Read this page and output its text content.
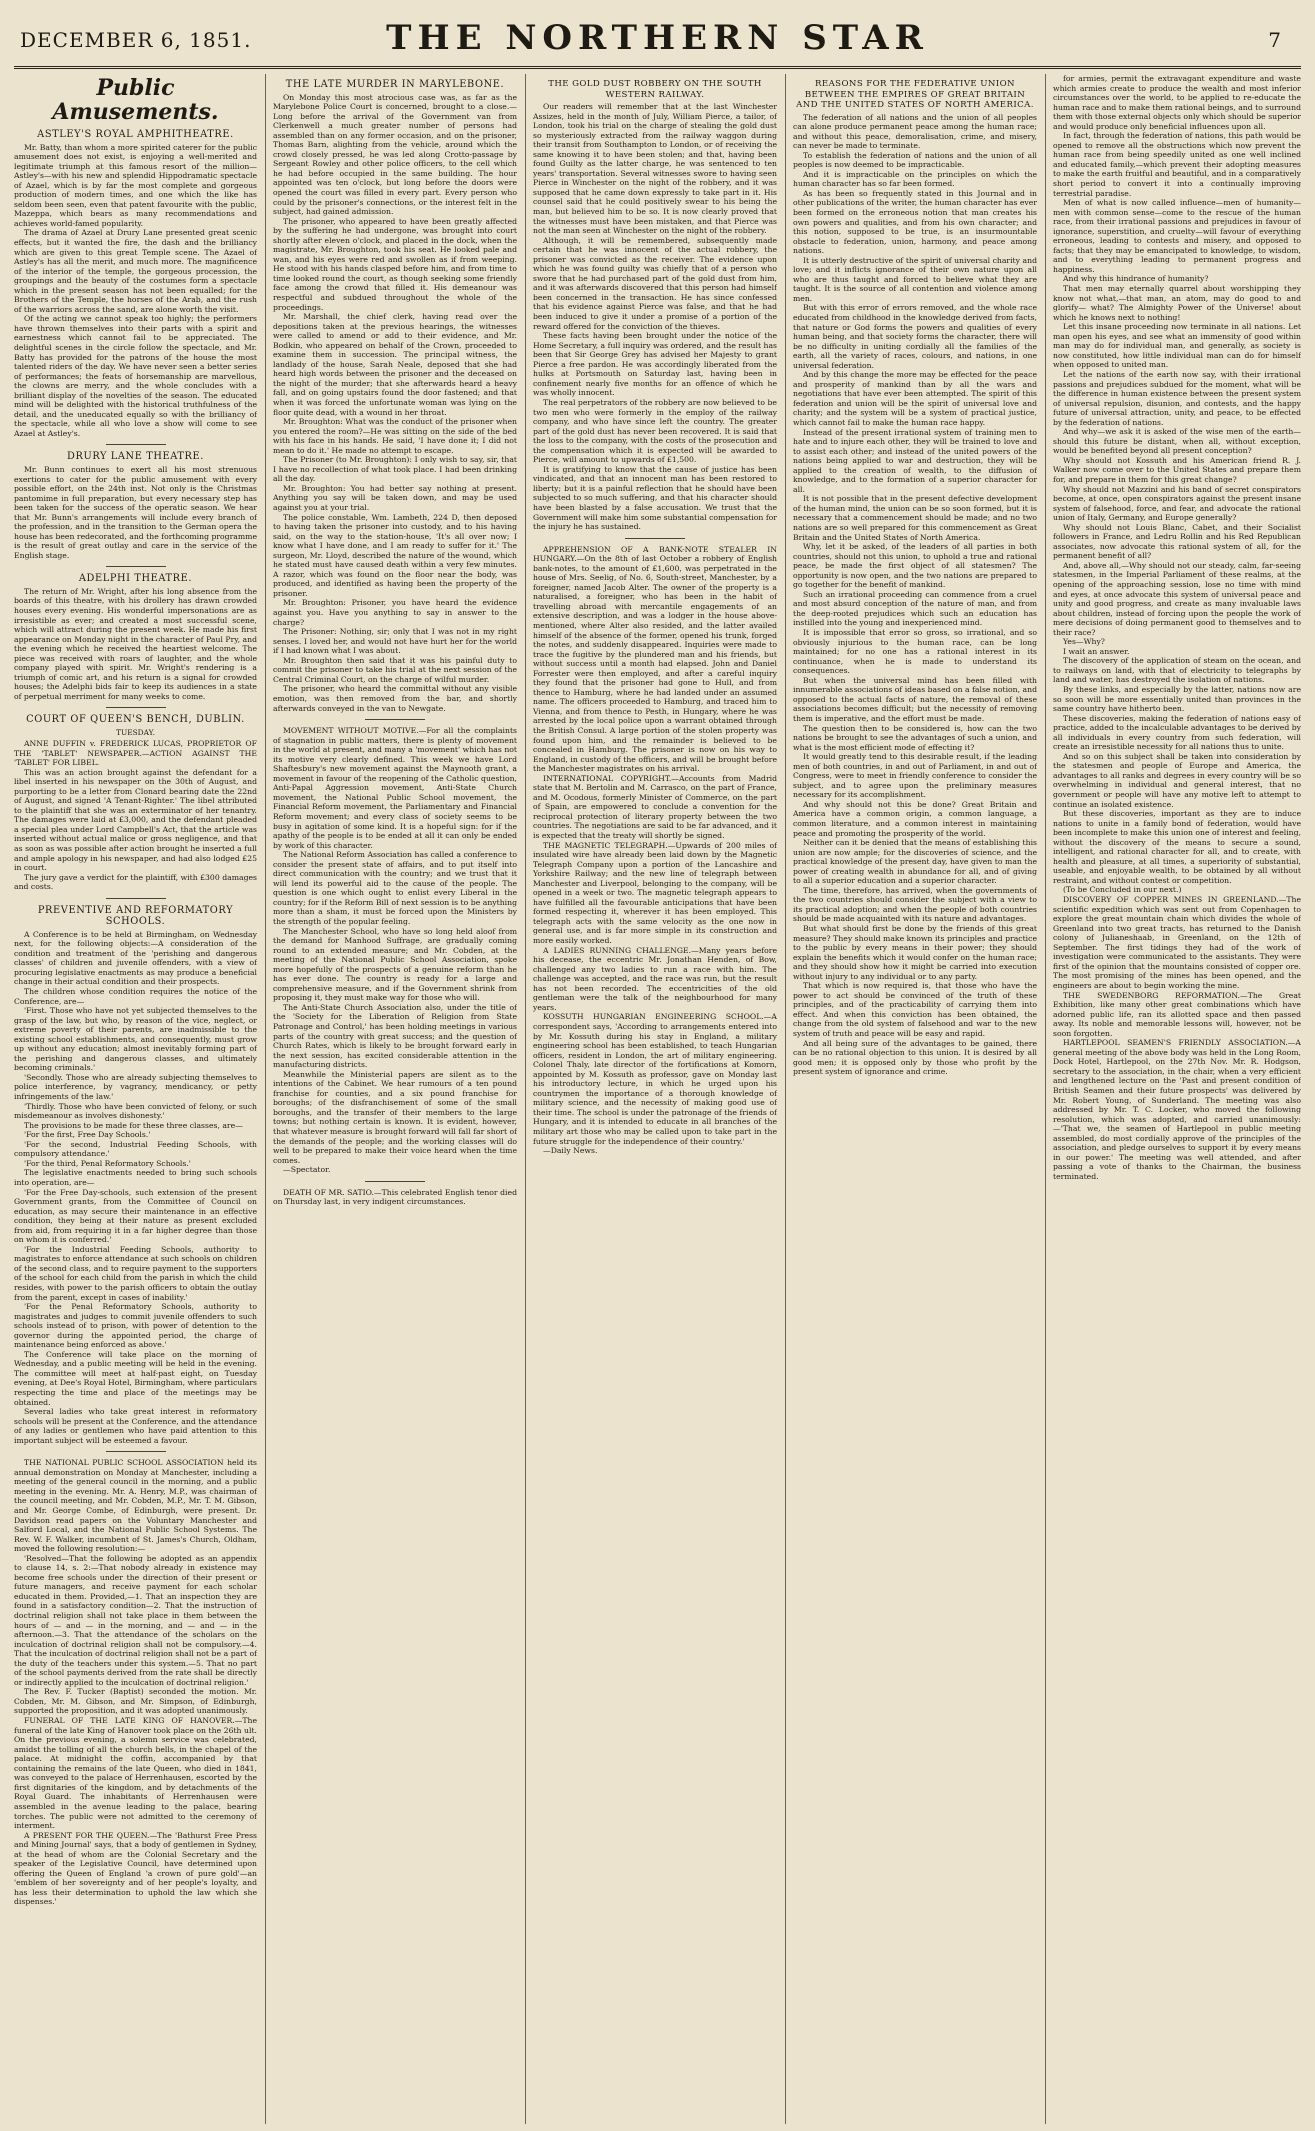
DECEMBER 6, 1851.	THE NORTHERN STAR	7
Public Amusements.
ASTLEY'S ROYAL AMPHITHEATRE.

Mr. Batty, than whom a more spirited caterer for the public amusement does not exist, is enjoying a well-merited and legitimate triumph at this famous resort of the million—Astley's—with his new and splendid Hippodramatic spectacle of Azael, which is by far the most complete and gorgeous production of modern times, and one which the like has seldom been seen, even that patent favourite with the public, Mazeppa, which bears as many recommendations and achieves world-famed popularity.

The drama of Azael at Drury Lane presented great scenic effects, but it wanted the fire, the dash and the brilliancy which are given to this great Temple scene. The Azael of Astley's has all the merit, and much more. The magnificence of the interior of the temple, the gorgeous procession, the groupings and the beauty of the costumes form a spectacle which in the present season has not been equalled; for the Brothers of the Temple, the horses of the Arab, and the rush of the warriors across the sand, are alone worth the visit.

Of the acting we cannot speak too highly; the performers have thrown themselves into their parts with a spirit and earnestness which cannot fail to be appreciated. The delightful scenes in the circle follow the spectacle, and Mr. Batty has provided for the patrons of the house the most talented riders of the day. We have never seen a better series of performances; the feats of horsemanship are marvellous, the clowns are merry, and the whole concludes with a brilliant display of the novelties of the season. The educated mind will be delighted with the historical truthfulness of the detail, and the uneducated equally so with the brilliancy of the spectacle, while all who love a show will come to see Azael at Astley's.

DRURY LANE THEATRE.

Mr. Bunn continues to exert all his most strenuous exertions to cater for the public amusement with every possible effort, on the 24th inst. Not only is the Christmas pantomime in full preparation, but every necessary step has been taken for the success of the operatic season. We hear that Mr. Bunn's arrangements will include every branch of the profession, and in the transition to the German opera the house has been redecorated, and the forthcoming programme is the result of great outlay and care in the service of the English stage.

ADELPHI THEATRE.

The return of Mr. Wright, after his long absence from the boards of this theatre, with his drollery has drawn crowded houses every evening. His wonderful impersonations are as irresistible as ever; and created a most successful scene, which will attract during the present week. He made his first appearance on Monday night in the character of Paul Pry, and the evening which he received the heartiest welcome. The piece was received with roars of laughter, and the whole company played with spirit. Mr. Wright's rendering is a triumph of comic art, and his return is a signal for crowded houses; the Adelphi bids fair to keep its audiences in a state of perpetual merriment for many weeks to come.

COURT OF QUEEN'S BENCH, DUBLIN.
TUESDAY.

ANNE DUFFIN v. FREDERICK LUCAS, PROPRIETOR OF THE 'TABLET' NEWSPAPER.—ACTION AGAINST THE 'TABLET' FOR LIBEL.

This was an action brought against the defendant for a libel inserted in his newspaper on the 30th of August, and purporting to be a letter from Clonard bearing date the 22nd of August, and signed 'A Tenant-Righter.' The libel attributed to the plaintiff that she was an exterminator of her tenantry. The damages were laid at £3,000, and the defendant pleaded a special plea under Lord Campbell's Act, that the article was inserted without actual malice or gross negligence, and that as soon as was possible after action brought he inserted a full and ample apology in his newspaper, and had also lodged £25 in court.

The jury gave a verdict for the plaintiff, with £300 damages and costs.

PREVENTIVE AND REFORMATORY SCHOOLS.

A Conference is to be held at Birmingham, on Wednesday next, for the following objects:—A consideration of the condition and treatment of the 'perishing and dangerous classes' of children and juvenile offenders, with a view of procuring legislative enactments as may produce a beneficial change in their actual condition and their prospects.

The children whose condition requires the notice of the Conference, are—

'First. Those who have not yet subjected themselves to the grasp of the law, but who, by reason of the vice, neglect, or extreme poverty of their parents, are inadmissible to the existing school establishments, and consequently, must grow up without any education; almost inevitably forming part of the perishing and dangerous classes, and ultimately becoming criminals.'

'Secondly. Those who are already subjecting themselves to police interference, by vagrancy, mendicancy, or petty infringements of the law.'

'Thirdly. Those who have been convicted of felony, or such misdemeanour as involves dishonesty.'

The provisions to be made for these three classes, are—

'For the first, Free Day Schools.'

'For the second, Industrial Feeding Schools, with compulsory attendance.'

'For the third, Penal Reformatory Schools.'

The legislative enactments needed to bring such schools into operation, are—

'For the Free Day-schools, such extension of the present Government grants, from the Committee of Council on education, as may secure their maintenance in an effective condition, they being at their nature as present excluded from aid, from requiring it in a far higher degree than those on whom it is conferred.'

'For the Industrial Feeding Schools, authority to magistrates to enforce attendance at such schools on children of the second class, and to require payment to the supporters of the school for each child from the parish in which the child resides, with power to the parish officers to obtain the outlay from the parent, except in cases of inability.'

'For the Penal Reformatory Schools, authority to magistrates and judges to commit juvenile offenders to such schools instead of to prison, with power of detention to the governor during the appointed period, the charge of maintenance being enforced as above.'

The Conference will take place on the morning of Wednesday, and a public meeting will be held in the evening. The committee will meet at half-past eight, on Tuesday evening, at Dee's Royal Hotel, Birmingham, where particulars respecting the time and place of the meetings may be obtained.

Several ladies who take great interest in reformatory schools will be present at the Conference, and the attendance of any ladies or gentlemen who have paid attention to this important subject will be esteemed a favour.

THE NATIONAL PUBLIC SCHOOL ASSOCIATION held its annual demonstration on Monday at Manchester, including a meeting of the general council in the morning, and a public meeting in the evening. Mr. A. Henry, M.P., was chairman of the council meeting, and Mr. Cobden, M.P., Mr. T. M. Gibson, and Mr. George Combe, of Edinburgh, were present. Dr. Davidson read papers on the Voluntary Manchester and Salford Local, and the National Public School Systems. The Rev. W. F. Walker, incumbent of St. James's Church, Oldham, moved the following resolution:—

'Resolved—That the following be adopted as an appendix to clause 14, s. 2:—That nobody already in existence may become free schools under the direction of their present or future managers, and receive payment for each scholar educated in them. Provided,—1. That an inspection they are found in a satisfactory condition—2. That the instruction of doctrinal religion shall not take place in them between the hours of — and — in the morning, and — and — in the afternoon.—3. That the attendance of the scholars on the inculcation of doctrinal religion shall not be compulsory.—4. That the inculcation of doctrinal religion shall not be a part of the duty of the teachers under this system.—5. That no part of the school payments derived from the rate shall be directly or indirectly applied to the inculcation of doctrinal religion.'

The Rev. F. Tucker (Baptist) seconded the motion. Mr. Cobden, Mr. M. Gibson, and Mr. Simpson, of Edinburgh, supported the proposition, and it was adopted unanimously.

FUNERAL OF THE LATE KING OF HANOVER.—The funeral of the late King of Hanover took place on the 26th ult. On the previous evening, a solemn service was celebrated, amidst the tolling of all the church bells, in the chapel of the palace. At midnight the coffin, accompanied by that containing the remains of the late Queen, who died in 1841, was conveyed to the palace of Herrenhausen, escorted by the first dignitaries of the kingdom, and by detachments of the Royal Guard. The inhabitants of Herrenhausen were assembled in the avenue leading to the palace, bearing torches. The public were not admitted to the ceremony of interment.

A PRESENT FOR THE QUEEN.—The 'Bathurst Free Press and Mining Journal' says, that a body of gentlemen in Sydney, at the head of whom are the Colonial Secretary and the speaker of the Legislative Council, have determined upon offering the Queen of England 'a crown of pure gold'—an 'emblem of her sovereignty and of her people's loyalty, and has less their determination to uphold the law which she dispenses.'

THE LATE MURDER IN MARYLEBONE.

On Monday this most atrocious case was, as far as the Marylebone Police Court is concerned, brought to a close.—Long before the arrival of the Government van from Clerkenwell a much greater number of persons had assembled than on any former occasion, and on the prisoner, Thomas Barn, alighting from the vehicle, around which the crowd closely pressed, he was led along Crotto-passage by Sergeant Rowley and other police officers, to the cell which he had before occupied in the same building. The hour appointed was ten o'clock, but long before the doors were opened the court was filled in every part. Every person who could by the prisoner's connections, or the interest felt in the subject, had gained admission.

The prisoner, who appeared to have been greatly affected by the suffering he had undergone, was brought into court shortly after eleven o'clock, and placed in the dock, when the magistrate, Mr. Broughton, took his seat. He looked pale and wan, and his eyes were red and swollen as if from weeping. He stood with his hands clasped before him, and from time to time looked round the court, as though seeking some friendly face among the crowd that filled it. His demeanour was respectful and subdued throughout the whole of the proceedings.

Mr. Marshall, the chief clerk, having read over the depositions taken at the previous hearings, the witnesses were called to amend or add to their evidence, and Mr. Bodkin, who appeared on behalf of the Crown, proceeded to examine them in succession. The principal witness, the landlady of the house, Sarah Neale, deposed that she had heard high words between the prisoner and the deceased on the night of the murder; that she afterwards heard a heavy fall, and on going upstairs found the door fastened; and that when it was forced the unfortunate woman was lying on the floor quite dead, with a wound in her throat.

Mr. Broughton: What was the conduct of the prisoner when you entered the room?—He was sitting on the side of the bed with his face in his hands. He said, 'I have done it; I did not mean to do it.' He made no attempt to escape.

The Prisoner (to Mr. Broughton): I only wish to say, sir, that I have no recollection of what took place. I had been drinking all the day.

Mr. Broughton: You had better say nothing at present. Anything you say will be taken down, and may be used against you at your trial.

The police constable, Wm. Lambeth, 224 D, then deposed to having taken the prisoner into custody, and to his having said, on the way to the station-house, 'It's all over now; I know what I have done, and I am ready to suffer for it.' The surgeon, Mr. Lloyd, described the nature of the wound, which he stated must have caused death within a very few minutes. A razor, which was found on the floor near the body, was produced, and identified as having been the property of the prisoner.

Mr. Broughton: Prisoner, you have heard the evidence against you. Have you anything to say in answer to the charge?

The Prisoner: Nothing, sir; only that I was not in my right senses. I loved her, and would not have hurt her for the world if I had known what I was about.

Mr. Broughton then said that it was his painful duty to commit the prisoner to take his trial at the next session of the Central Criminal Court, on the charge of wilful murder.

The prisoner, who heard the committal without any visible emotion, was then removed from the bar, and shortly afterwards conveyed in the van to Newgate.

MOVEMENT WITHOUT MOTIVE.—For all the complaints of stagnation in public matters, there is plenty of movement in the world at present, and many a 'movement' which has not its motive very clearly defined. This week we have Lord Shaftesbury's new movement against the Maynooth grant, a movement in favour of the reopening of the Catholic question, Anti-Papal Aggression movement, Anti-State Church movement, the National Public School movement, the Financial Reform movement, the Parliamentary and Financial Reform movement; and every class of society seems to be busy in agitation of some kind. It is a hopeful sign: for if the apathy of the people is to be ended at all it can only be ended by work of this character.

The National Reform Association has called a conference to consider the present state of affairs, and to put itself into direct communication with the country; and we trust that it will lend its powerful aid to the cause of the people. The question is one which ought to enlist every Liberal in the country; for if the Reform Bill of next session is to be anything more than a sham, it must be forced upon the Ministers by the strength of the popular feeling.

The Manchester School, who have so long held aloof from the demand for Manhood Suffrage, are gradually coming round to an extended measure; and Mr. Cobden, at the meeting of the National Public School Association, spoke more hopefully of the prospects of a genuine reform than he has ever done. The country is ready for a large and comprehensive measure, and if the Government shrink from proposing it, they must make way for those who will.

The Anti-State Church Association also, under the title of the 'Society for the Liberation of Religion from State Patronage and Control,' has been holding meetings in various parts of the country with great success; and the question of Church Rates, which is likely to be brought forward early in the next session, has excited considerable attention in the manufacturing districts.

Meanwhile the Ministerial papers are silent as to the intentions of the Cabinet. We hear rumours of a ten pound franchise for counties, and a six pound franchise for boroughs; of the disfranchisement of some of the small boroughs, and the transfer of their members to the large towns; but nothing certain is known. It is evident, however, that whatever measure is brought forward will fall far short of the demands of the people; and the working classes will do well to be prepared to make their voice heard when the time comes.

—Spectator.

DEATH OF MR. SATIO.—This celebrated English tenor died on Thursday last, in very indigent circumstances.

THE GOLD DUST ROBBERY ON THE SOUTH WESTERN RAILWAY.

Our readers will remember that at the last Winchester Assizes, held in the month of July, William Pierce, a tailor, of London, took his trial on the charge of stealing the gold dust so mysteriously extracted from the railway waggon during their transit from Southampton to London, or of receiving the same knowing it to have been stolen; and that, having been found Guilty as the latter charge, he was sentenced to ten years' transportation. Several witnesses swore to having seen Pierce in Winchester on the night of the robbery, and it was supposed that he came down expressly to take part in it. His counsel said that he could positively swear to his being the man, but believed him to be so. It is now clearly proved that the witnesses must have been mistaken, and that Pierce was not the man seen at Winchester on the night of the robbery.

Although, it will be remembered, subsequently made certain that he was innocent of the actual robbery, the prisoner was convicted as the receiver. The evidence upon which he was found guilty was chiefly that of a person who swore that he had purchased part of the gold dust from him, and it was afterwards discovered that this person had himself been concerned in the transaction. He has since confessed that his evidence against Pierce was false, and that he had been induced to give it under a promise of a portion of the reward offered for the conviction of the thieves.

These facts having been brought under the notice of the Home Secretary, a full inquiry was ordered, and the result has been that Sir George Grey has advised her Majesty to grant Pierce a free pardon. He was accordingly liberated from the hulks at Portsmouth on Saturday last, having been in confinement nearly five months for an offence of which he was wholly innocent.

The real perpetrators of the robbery are now believed to be two men who were formerly in the employ of the railway company, and who have since left the country. The greater part of the gold dust has never been recovered. It is said that the loss to the company, with the costs of the prosecution and the compensation which it is expected will be awarded to Pierce, will amount to upwards of £1,500.

It is gratifying to know that the cause of justice has been vindicated, and that an innocent man has been restored to liberty; but it is a painful reflection that he should have been subjected to so much suffering, and that his character should have been blasted by a false accusation. We trust that the Government will make him some substantial compensation for the injury he has sustained.

APPREHENSION OF A BANK-NOTE STEALER IN HUNGARY.—On the 8th of last October a robbery of English bank-notes, to the amount of £1,600, was perpetrated in the house of Mrs. Seelig, of No. 6, South-street, Manchester, by a foreigner, named Jacob Alter. The owner of the property is a naturalised, a foreigner, who has been in the habit of travelling abroad with mercantile engagements of an extensive description, and was a lodger in the house above-mentioned, where Alter also resided, and the latter availed himself of the absence of the former, opened his trunk, forged the notes, and suddenly disappeared. Inquiries were made to trace the fugitive by the plundered man and his friends, but without success until a month had elapsed. John and Daniel Forrester were then employed, and after a careful inquiry they found that the prisoner had gone to Hull, and from thence to Hamburg, where he had landed under an assumed name. The officers proceeded to Hamburg, and traced him to Vienna, and from thence to Pesth, in Hungary, where he was arrested by the local police upon a warrant obtained through the British Consul. A large portion of the stolen property was found upon him, and the remainder is believed to be concealed in Hamburg. The prisoner is now on his way to England, in custody of the officers, and will be brought before the Manchester magistrates on his arrival.

INTERNATIONAL COPYRIGHT.—Accounts from Madrid state that M. Bertolin and M. Carrasco, on the part of France, and M. Ocodous, formerly Minister of Commerce, on the part of Spain, are empowered to conclude a convention for the reciprocal protection of literary property between the two countries. The negotiations are said to be far advanced, and it is expected that the treaty will shortly be signed.

THE MAGNETIC TELEGRAPH.—Upwards of 200 miles of insulated wire have already been laid down by the Magnetic Telegraph Company upon a portion of the Lancashire and Yorkshire Railway; and the new line of telegraph between Manchester and Liverpool, belonging to the company, will be opened in a week or two. The magnetic telegraph appears to have fulfilled all the favourable anticipations that have been formed respecting it, wherever it has been employed. This telegraph acts with the same velocity as the one now in general use, and is far more simple in its construction and more easily worked.

A LADIES RUNNING CHALLENGE.—Many years before his decease, the eccentric Mr. Jonathan Henden, of Bow, challenged any two ladies to run a race with him. The challenge was accepted, and the race was run, but the result has not been recorded. The eccentricities of the old gentleman were the talk of the neighbourhood for many years.

KOSSUTH HUNGARIAN ENGINEERING SCHOOL.—A correspondent says, 'According to arrangements entered into by Mr. Kossuth during his stay in England, a military engineering school has been established, to teach Hungarian officers, resident in London, the art of military engineering. Colonel Thaly, late director of the fortifications at Komorn, appointed by M. Kossuth as professor, gave on Monday last his introductory lecture, in which he urged upon his countrymen the importance of a thorough knowledge of military science, and the necessity of making good use of their time. The school is under the patronage of the friends of Hungary, and it is intended to educate in all branches of the military art those who may be called upon to take part in the future struggle for the independence of their country.'

—Daily News.

REASONS FOR THE FEDERATIVE UNION BETWEEN THE EMPIRES OF GREAT BRITAIN AND THE UNITED STATES OF NORTH AMERICA.

The federation of all nations and the union of all peoples can alone produce permanent peace among the human race; and without this peace, demoralisation, crime, and misery, can never be made to terminate.

To establish the federation of nations and the union of all peoples is now deemed to be impracticable.

And it is impracticable on the principles on which the human character has so far been formed.

As has been so frequently stated in this Journal and in other publications of the writer, the human character has ever been formed on the erroneous notion that man creates his own powers and qualities, and from his own character; and this notion, supposed to be true, is an insurmountable obstacle to federation, union, harmony, and peace among nations.

It is utterly destructive of the spirit of universal charity and love; and it inflicts ignorance of their own nature upon all who are thus taught and forced to believe what they are taught. It is the source of all contention and violence among men.

But with this error of errors removed, and the whole race educated from childhood in the knowledge derived from facts, that nature or God forms the powers and qualities of every human being, and that society forms the character, there will be no difficulty in uniting cordially all the families of the earth, all the variety of races, colours, and nations, in one universal federation.

And by this change the more may be effected for the peace and prosperity of mankind than by all the wars and negotiations that have ever been attempted. The spirit of this federation and union will be the spirit of universal love and charity; and the system will be a system of practical justice, which cannot fail to make the human race happy.

Instead of the present irrational system of training men to hate and to injure each other, they will be trained to love and to assist each other; and instead of the united powers of the nations being applied to war and destruction, they will be applied to the creation of wealth, to the diffusion of knowledge, and to the formation of a superior character for all.

It is not possible that in the present defective development of the human mind, the union can be so soon formed, but it is necessary that a commencement should be made; and no two nations are so well prepared for this commencement as Great Britain and the United States of North America.

Why, let it be asked, of the leaders of all parties in both countries, should not this union, to uphold a true and rational peace, be made the first object of all statesmen? The opportunity is now open, and the two nations are prepared to go together for the benefit of mankind.

Such an irrational proceeding can commence from a cruel and most absurd conception of the nature of man, and from the deep-rooted prejudices which such an education has instilled into the young and inexperienced mind.

It is impossible that error so gross, so irrational, and so obviously injurious to the human race, can be long maintained; for no one has a rational interest in its continuance, when he is made to understand its consequences.

But when the universal mind has been filled with innumerable associations of ideas based on a false notion, and opposed to the actual facts of nature, the removal of these associations becomes difficult; but the necessity of removing them is imperative, and the effort must be made.

The question then to be considered is, how can the two nations be brought to see the advantages of such a union, and what is the most efficient mode of effecting it?

It would greatly tend to this desirable result, if the leading men of both countries, in and out of Parliament, in and out of Congress, were to meet in friendly conference to consider the subject, and to agree upon the preliminary measures necessary for its accomplishment.

And why should not this be done? Great Britain and America have a common origin, a common language, a common literature, and a common interest in maintaining peace and promoting the prosperity of the world.

Neither can it be denied that the means of establishing this union are now ample; for the discoveries of science, and the practical knowledge of the present day, have given to man the power of creating wealth in abundance for all, and of giving to all a superior education and a superior character.

The time, therefore, has arrived, when the governments of the two countries should consider the subject with a view to its practical adoption; and when the people of both countries should be made acquainted with its nature and advantages.

But what should first be done by the friends of this great measure? They should make known its principles and practice to the public by every means in their power; they should explain the benefits which it would confer on the human race; and they should show how it might be carried into execution without injury to any individual or to any party.

That which is now required is, that those who have the power to act should be convinced of the truth of these principles, and of the practicability of carrying them into effect. And when this conviction has been obtained, the change from the old system of falsehood and war to the new system of truth and peace will be easy and rapid.

And all being sure of the advantages to be gained, there can be no rational objection to this union. It is desired by all good men; it is opposed only by those who profit by the present system of ignorance and crime.

for armies, permit the extravagant expenditure and waste which armies create to produce the wealth and most inferior circumstances over the world, to be applied to re-educate the human race and to make them rational beings, and to surround them with those external objects only which should be superior and would produce only beneficial influences upon all.

In fact, through the federation of nations, this path would be opened to remove all the obstructions which now prevent the human race from being speedily united as one well inclined and educated family,—which prevent their adopting measures to make the earth fruitful and beautiful, and in a comparatively short period to convert it into a continually improving terrestrial paradise.

Men of what is now called influence—men of humanity—men with common sense—come to the rescue of the human race, from their irrational passions and prejudices in favour of ignorance, superstition, and cruelty—will favour of everything erroneous, leading to contests and misery, and opposed to facts; that they may be emancipated to knowledge, to wisdom, and to everything leading to permanent progress and happiness.

And why this hindrance of humanity?

That men may eternally quarrel about worshipping they know not what,—that man, an atom, may do good to and glorify— what? The Almighty Power of the Universe! about which he knows next to nothing!

Let this insane proceeding now terminate in all nations. Let man open his eyes, and see what an immensity of good within man may do for individual man, and generally, as society is now constituted, how little individual man can do for himself when opposed to united man.

Let the nations of the earth now say, with their irrational passions and prejudices subdued for the moment, what will be the difference in human existence between the present system of universal repulsion, disunion, and contests, and the happy future of universal attraction, unity, and peace, to be effected by the federation of nations.

And why—we ask it is asked of the wise men of the earth—should this future be distant, when all, without exception, would be benefited beyond all present conception?

Why should not Kossuth and his American friend R. J. Walker now come over to the United States and prepare them for, and prepare in them for this great change?

Why should not Mazzini and his band of secret conspirators become, at once, open conspirators against the present insane system of falsehood, force, and fear, and advocate the rational union of Italy, Germany, and Europe generally?

Why should not Louis Blanc, Cabet, and their Socialist followers in France, and Ledru Rollin and his Red Republican associates, now advocate this rational system of all, for the permanent benefit of all?

And, above all,—Why should not our steady, calm, far-seeing statesmen, in the Imperial Parliament of these realms, at the opening of the approaching session, lose no time with mind and eyes, at once advocate this system of universal peace and unity and good progress, and create as many invaluable laws about children, instead of forcing upon the people the work of mere decisions of doing permanent good to themselves and to their race?

Yes—Why?

I wait an answer.

The discovery of the application of steam on the ocean, and to railways on land, with that of electricity to telegraphs by land and water, has destroyed the isolation of nations.

By these links, and especially by the latter, nations now are so soon will be more essentially united than provinces in the same country have hitherto been.

These discoveries, making the federation of nations easy of practice, added to the incalculable advantages to be derived by all individuals in every country from such federation, will create an irresistible necessity for all nations thus to unite.

And so on this subject shall be taken into consideration by the statesmen and people of Europe and America, the advantages to all ranks and degrees in every country will be so overwhelming in individual and general interest, that no government or people will have any motive left to attempt to continue an isolated existence.

But these discoveries, important as they are to induce nations to unite in a family bond of federation, would have been incomplete to make this union one of interest and feeling, without the discovery of the means to secure a sound, intelligent, and rational character for all, and to create, with health and pleasure, at all times, a superiority of substantial, useable, and enjoyable wealth, to be obtained by all without restraint, and without contest or competition.

(To be Concluded in our next.)

DISCOVERY OF COPPER MINES IN GREENLAND.—The scientific expedition which was sent out from Copenhagen to explore the great mountain chain which divides the whole of Greenland into two great tracts, has returned to the Danish colony of Julianeshaab, in Greenland, on the 12th of September. The first tidings they had of the work of investigation were communicated to the assistants. They were first of the opinion that the mountains consisted of copper ore. The most promising of the mines has been opened, and the engineers are about to begin working the mine.

THE SWEDENBORG REFORMATION.—The Great Exhibition, like many other great combinations which have adorned public life, ran its allotted space and then passed away. Its noble and memorable lessons will, however, not be soon forgotten.

HARTLEPOOL SEAMEN'S FRIENDLY ASSOCIATION.—A general meeting of the above body was held in the Long Room, Dock Hotel, Hartlepool, on the 27th Nov. Mr. R. Hodgson, secretary to the association, in the chair, when a very efficient and lengthened lecture on the 'Past and present condition of British Seamen and their future prospects' was delivered by Mr. Robert Young, of Sunderland. The meeting was also addressed by Mr. T. C. Locker, who moved the following resolution, which was adopted, and carried unanimously:—'That we, the seamen of Hartlepool in public meeting assembled, do most cordially approve of the principles of the association, and pledge ourselves to support it by every means in our power.' The meeting was well attended, and after passing a vote of thanks to the Chairman, the business terminated.
